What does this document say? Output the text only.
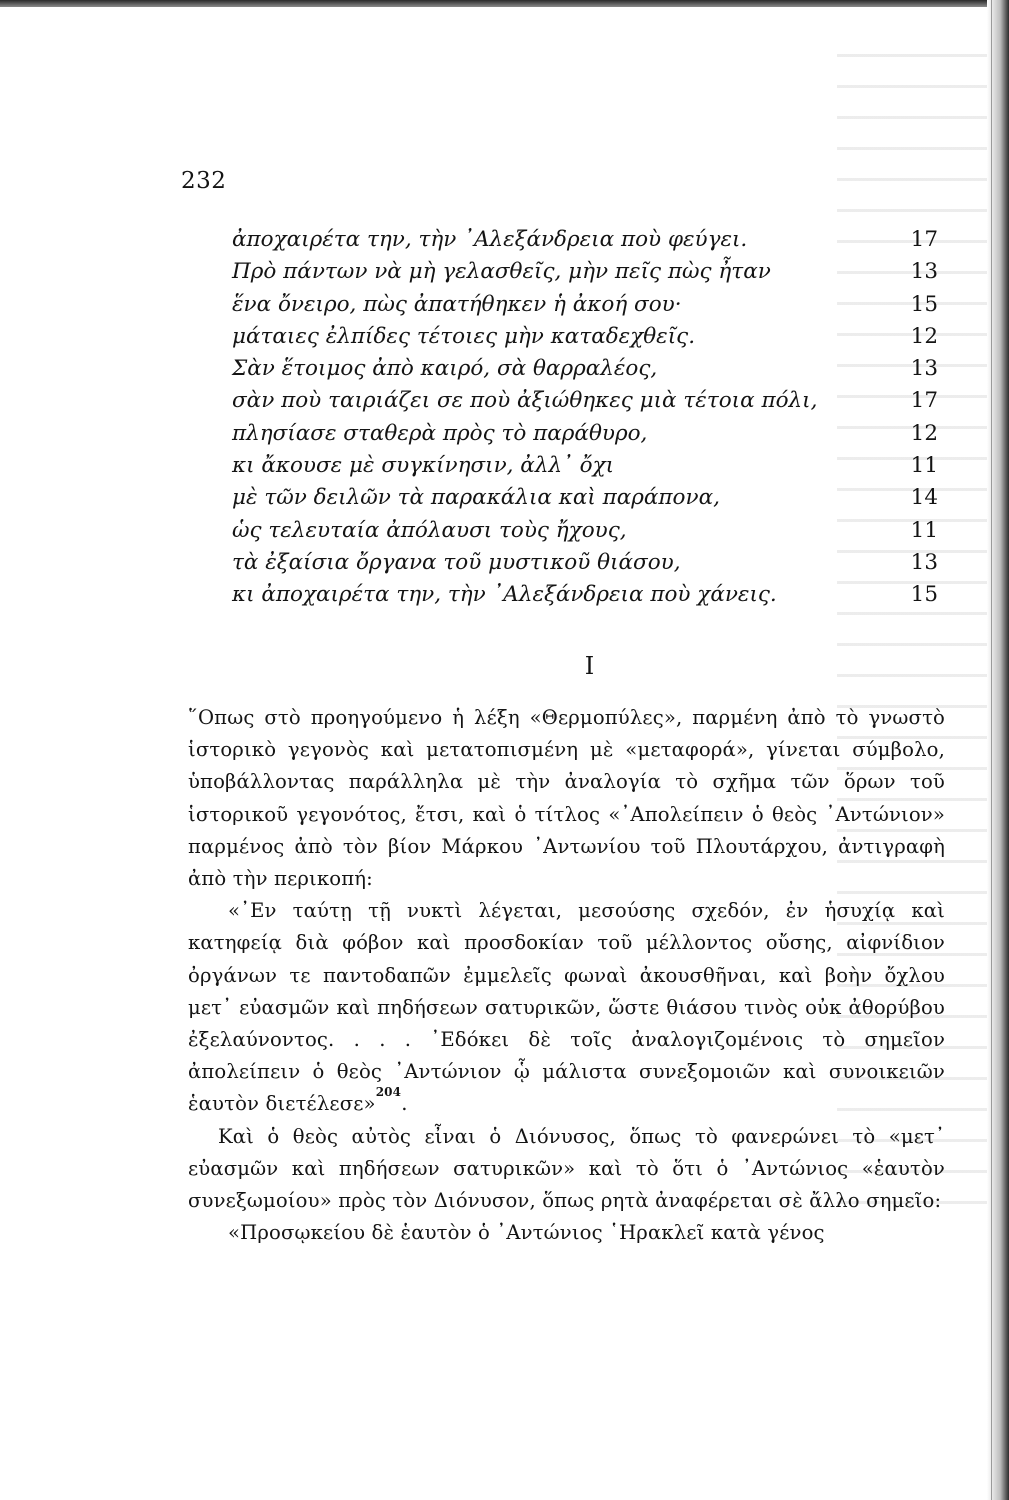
232
ἀποχαιρέτα την, τὴν ᾿Αλεξάνδρεια ποὺ φεύγει.	17
Πρὸ πάντων νὰ μὴ γελασθεῖς, μὴν πεῖς πὼς ἦταν	13
ἕνα ὄνειρο, πὼς ἀπατήθηκεν ἡ ἀκοή σου·	15
μάταιες ἐλπίδες τέτοιες μὴν καταδεχθεῖς.	12
Σὰν ἕτοιμος ἀπὸ καιρό, σὰ θαρραλέος,	13
σὰν ποὺ ταιριάζει σε ποὺ ἀξιώθηκες μιὰ τέτοια πόλι,	17
πλησίασε σταθερὰ πρὸς τὸ παράθυρο,	12
κι ἄκουσε μὲ συγκίνησιν, ἀλλ᾿ ὄχι	11
μὲ τῶν δειλῶν τὰ παρακάλια καὶ παράπονα,	14
ὡς τελευταία ἀπόλαυσι τοὺς ἤχους,	11
τὰ ἐξαίσια ὄργανα τοῦ μυστικοῦ θιάσου,	13
κι ἀποχαιρέτα την, τὴν ᾿Αλεξάνδρεια ποὺ χάνεις.	15
I

῞Οπως στὸ προηγούμενο ἡ λέξη «Θερμοπύλες», παρμένη ἀπὸ τὸ γνωστὸ ἱστορικὸ γεγονὸς καὶ μετατοπισμένη μὲ «μεταφορά», γίνεται σύμβολο, ὑποβάλλοντας παράλληλα μὲ τὴν ἀναλογία τὸ σχῆμα τῶν ὅρων τοῦ ἱστορικοῦ γεγονότος, ἔτσι, καὶ ὁ τίτλος «᾿Απολείπειν ὁ θεὸς ᾿Αντώνιον» παρμένος ἀπὸ τὸν βίον Μάρκου ᾿Αντωνίου τοῦ Πλουτάρχου, ἀντιγραφὴ ἀπὸ τὴν περικοπή:

«᾿Εν ταύτῃ τῇ νυκτὶ λέγεται, μεσούσης σχεδόν, ἐν ἡσυχίᾳ καὶ κατηφείᾳ διὰ φόβον καὶ προσδοκίαν τοῦ μέλλοντος οὔσης, αἰφνίδιον ὀργάνων τε παντοδαπῶν ἐμμελεῖς φωναὶ ἀκουσθῆναι, καὶ βοὴν ὄχλου μετ᾿ εὐασμῶν καὶ πηδήσεων σατυρικῶν, ὥστε θιάσου τινὸς οὐκ ἀθορύβου ἐξελαύνοντος. . . . ᾿Εδόκει δὲ τοῖς ἀναλογιζομένοις τὸ σημεῖον ἀπολείπειν ὁ θεὸς ᾿Αντώνιον ᾧ μάλιστα συνεξομοιῶν καὶ συνοικειῶν ἑαυτὸν διετέλεσε»$^{204}$.

Καὶ ὁ θεὸς αὐτὸς εἶναι ὁ Διόνυσος, ὅπως τὸ φανερώνει τὸ «μετ᾿ εὐασμῶν καὶ πηδήσεων σατυρικῶν» καὶ τὸ ὅτι ὁ ᾿Αντώνιος «ἑαυτὸν συνεξωμοίου» πρὸς τὸν Διόνυσον, ὅπως ρητὰ ἀναφέρεται σὲ ἄλλο σημεῖο:

«Προσῳκείου δὲ ἑαυτὸν ὁ ᾿Αντώνιος ῾Ηρακλεῖ κατὰ γένος
